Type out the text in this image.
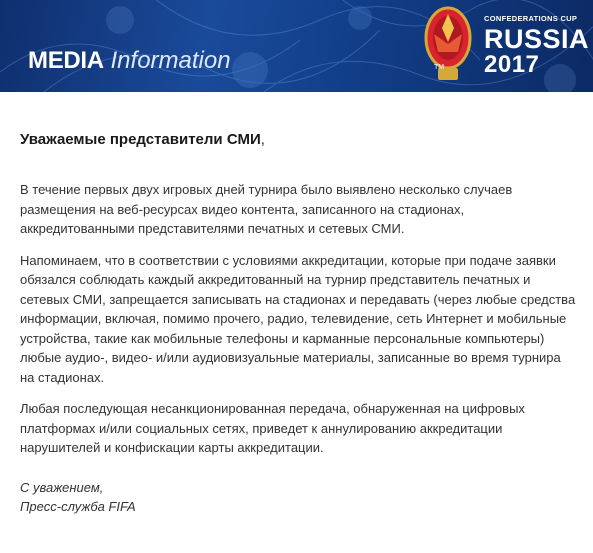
MEDIA Information	TM
CONFEDERATIONS CUP
RUSSIA
2017

Уважаемые представители СМИ,

В течение первых двух игровых дней турнира было выявлено несколько случаев размещения на веб-ресурсах видео контента, записанного на стадионах, аккредитованными представителями печатных и сетевых СМИ.

Напоминаем, что в соответствии с условиями аккредитации, которые при подаче заявки обязался соблюдать каждый аккредитованный на турнир представитель печатных и сетевых СМИ, запрещается записывать на стадионах и передавать (через любые средства информации, включая, помимо прочего, радио, телевидение, сеть Интернет и мобильные устройства, такие как мобильные телефоны и карманные персональные компьютеры) любые аудио-, видео- и/или аудиовизуальные материалы, записанные во время турнира на стадионах.

Любая последующая несанкционированная передача, обнаруженная на цифровых платформах и/или социальных сетях, приведет к аннулированию аккредитации нарушителей и конфискации карты аккредитации.

С уважением,
Пресс-служба FIFA
